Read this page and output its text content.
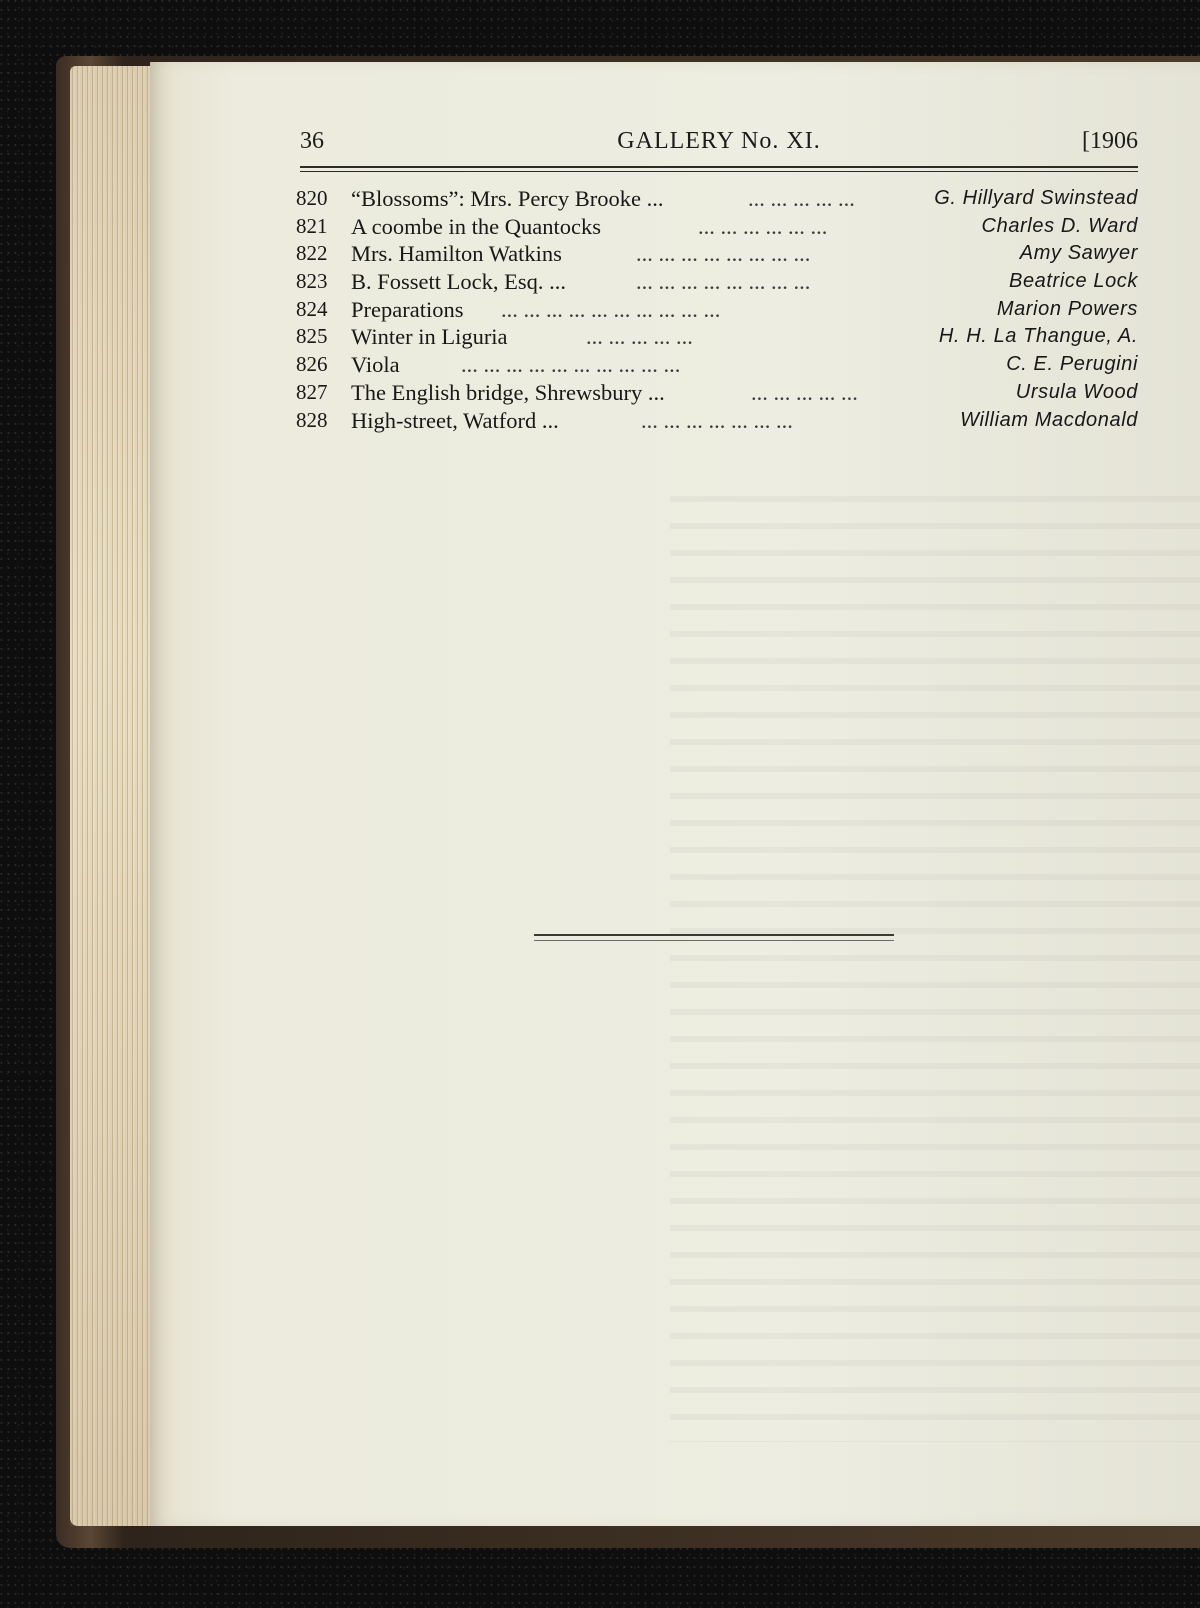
36	GALLERY No. XI.	[1906
820	“Blossoms”: Mrs. Percy Brooke ...	... ... ... ... ...	G. Hillyard Swinstead
821	A coombe in the Quantocks	... ... ... ... ... ...	Charles D. Ward
822	Mrs. Hamilton Watkins	... ... ... ... ... ... ... ...	Amy Sawyer
823	B. Fossett Lock, Esq. ...	... ... ... ... ... ... ... ...	Beatrice Lock
824	Preparations ... ... ... ... ... ... ... ... ... ...	Marion Powers
825	Winter in Liguria	... ... ... ... ...	H. H. La Thangue, A.
826	Viola	... ... ... ... ... ... ... ... ... ...	C. E. Perugini
827	The English bridge, Shrewsbury ...	... ... ... ... ...	Ursula Wood
828	High-street, Watford ...	... ... ... ... ... ... ...	William Macdonald
